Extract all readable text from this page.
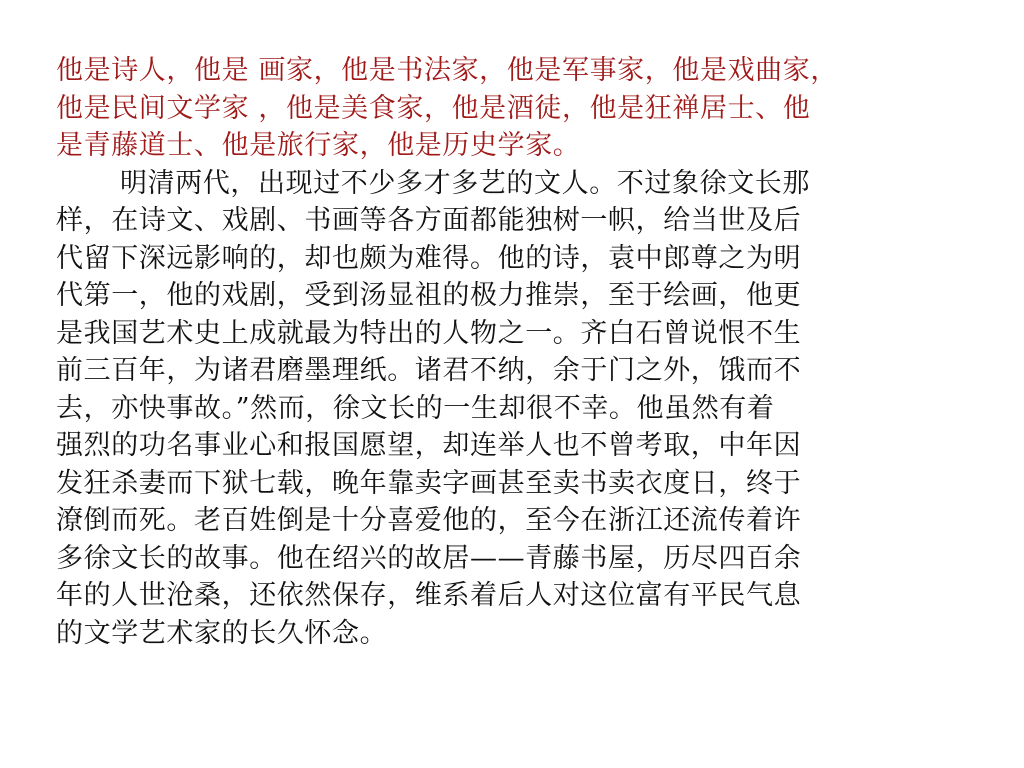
他是诗人，他是 画家，他是书法家，他是军事家，他是戏曲家，
他是民间文学家 ，他是美食家，他是酒徒，他是狂禅居士、他
是青藤道士、他是旅行家，他是历史学家。
明清两代，出现过不少多才多艺的文人。不过象徐文长那
样，在诗文、戏剧、书画等各方面都能独树一帜，给当世及后
代留下深远影响的，却也颇为难得。他的诗，袁中郎尊之为明
代第一，他的戏剧，受到汤显祖的极力推崇，至于绘画，他更
是我国艺术史上成就最为特出的人物之一。齐白石曾说恨不生
前三百年，为诸君磨墨理纸。诸君不纳，余于门之外，饿而不
去，亦快事故。”然而，徐文长的一生却很不幸。他虽然有着
强烈的功名事业心和报国愿望，却连举人也不曾考取，中年因
发狂杀妻而下狱七载，晚年靠卖字画甚至卖书卖衣度日，终于
潦倒而死。老百姓倒是十分喜爱他的，至今在浙江还流传着许
多徐文长的故事。他在绍兴的故居——青藤书屋，历尽四百余
年的人世沧桑，还依然保存，维系着后人对这位富有平民气息
的文学艺术家的长久怀念。
